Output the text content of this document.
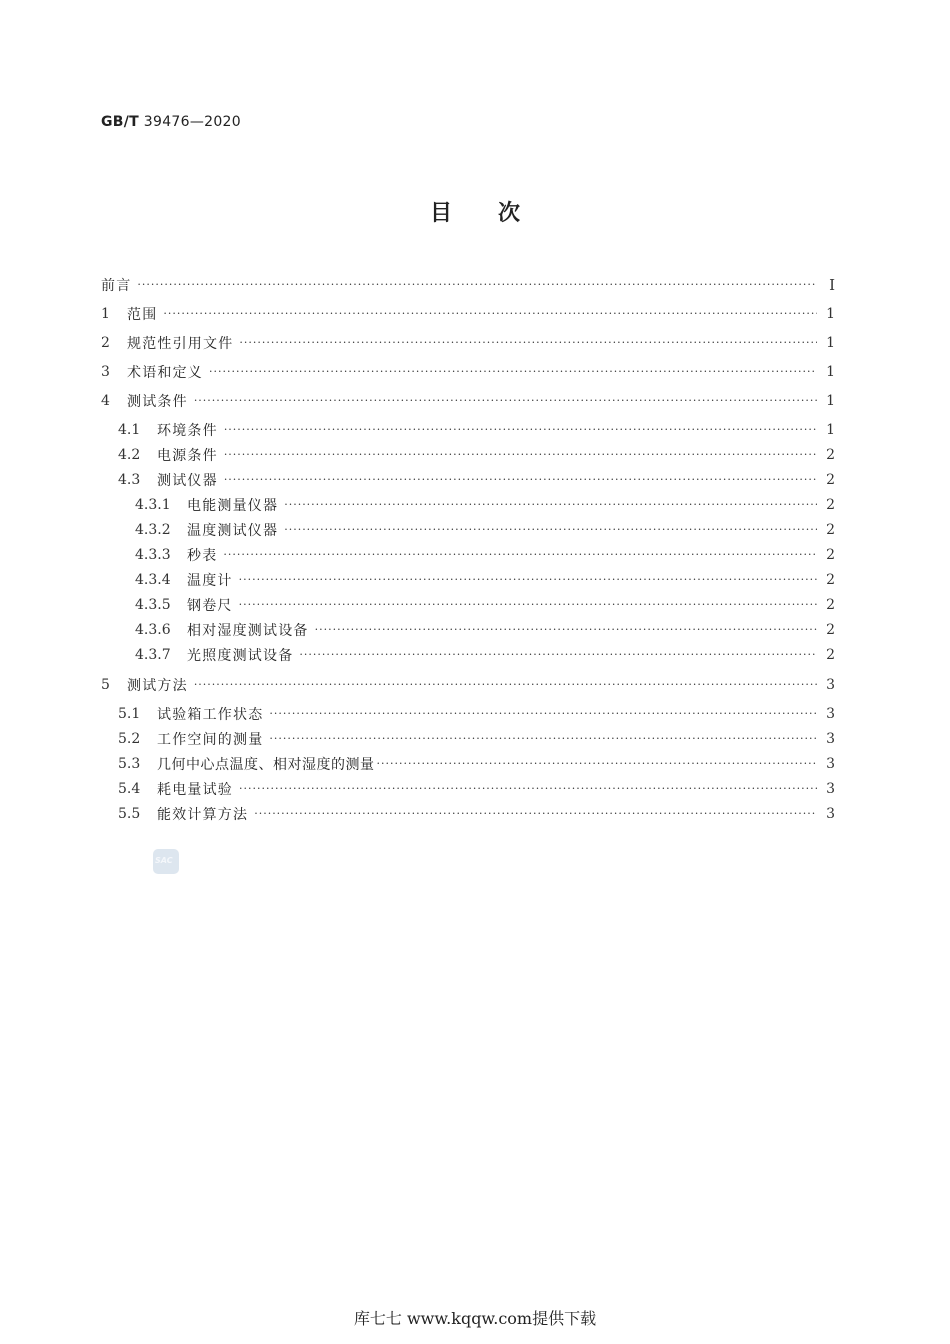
GB/T 39476—2020
目次
前言 ·····	I
1	范围 ·····	1
2	规范性引用文件 ·····	1
3	术语和定义 ·····	1
4	测试条件 ·····	1
4.1	环境条件 ·····	1
4.2	电源条件 ·····	2
4.3	测试仪器 ·····	2
4.3.1	电能测量仪器 ·····	2
4.3.2	温度测试仪器 ·····	2
4.3.3	秒表 ·····	2
4.3.4	温度计 ·····	2
4.3.5	钢卷尺 ·····	2
4.3.6	相对湿度测试设备 ·····	2
4.3.7	光照度测试设备 ·····	2
5	测试方法 ·····	3
5.1	试验箱工作状态 ·····	3
5.2	工作空间的测量 ·····	3
5.3	几何中心点温度、相对湿度的测量 ·····	3
5.4	耗电量试验 ·····	3
5.5	能效计算方法 ·····	3
SAC
库七七 www.kqqw.com提供下载
